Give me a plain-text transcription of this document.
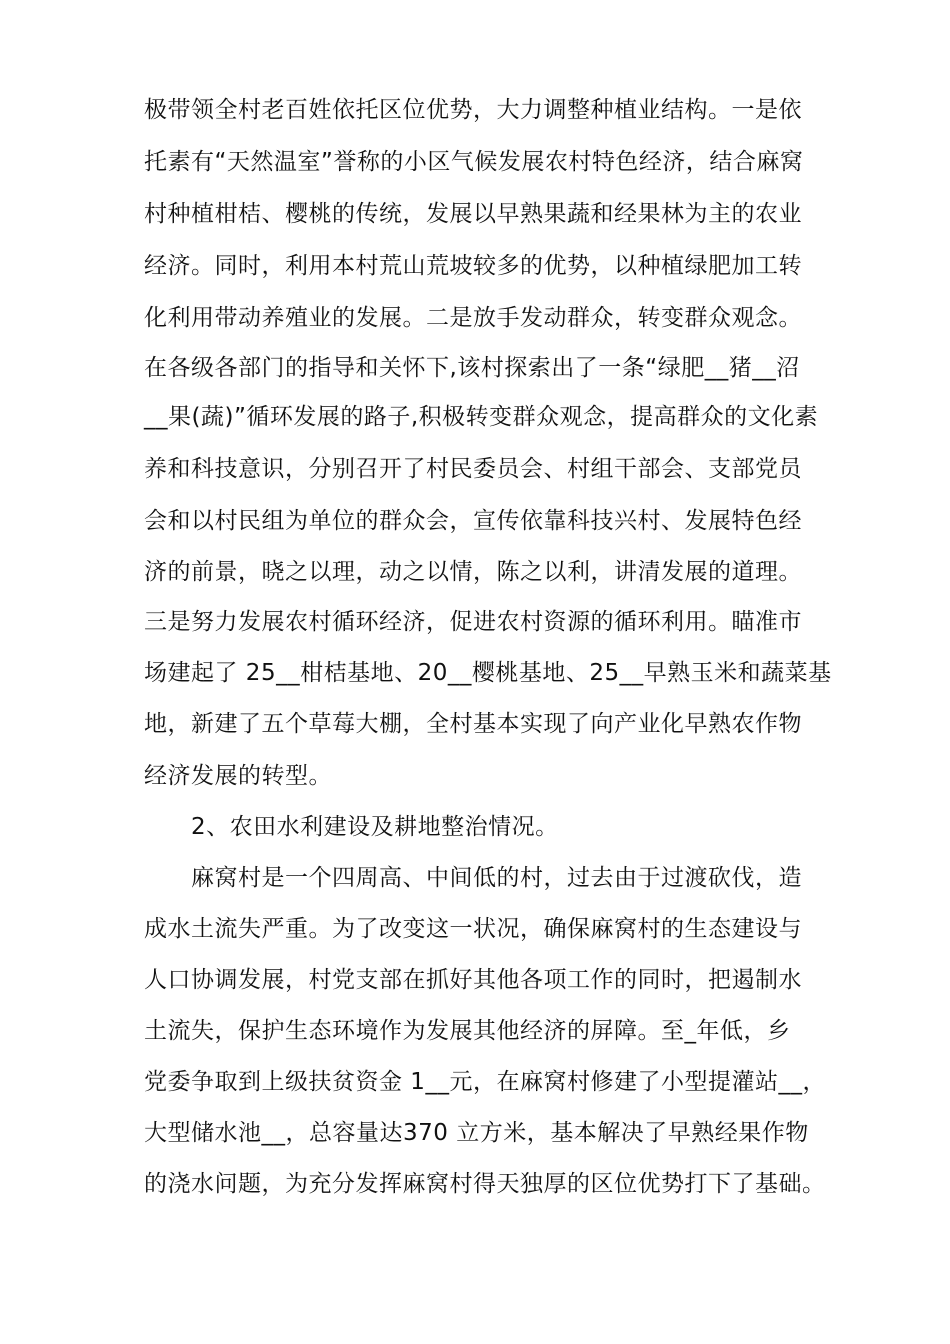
极带领全村老百姓依托区位优势，大力调整种植业结构。一是依
托素有“天然温室”誉称的小区气候发展农村特色经济，结合麻窝
村种植柑桔、樱桃的传统，发展以早熟果蔬和经果林为主的农业
经济。同时，利用本村荒山荒坡较多的优势，以种植绿肥加工转
化利用带动养殖业的发展。二是放手发动群众，转变群众观念。
在各级各部门的指导和关怀下,该村探索出了一条“绿肥__猪__沼
__果(蔬)”循环发展的路子,积极转变群众观念，提高群众的文化素
养和科技意识，分别召开了村民委员会、村组干部会、支部党员
会和以村民组为单位的群众会，宣传依靠科技兴村、发展特色经
济的前景，晓之以理，动之以情，陈之以利，讲清发展的道理。
三是努力发展农村循环经济，促进农村资源的循环利用。瞄准市
场建起了 25__柑桔基地、20__樱桃基地、25__早熟玉米和蔬菜基
地，新建了五个草莓大棚，全村基本实现了向产业化早熟农作物
经济发展的转型。
2、农田水利建设及耕地整治情况。
麻窝村是一个四周高、中间低的村，过去由于过渡砍伐，造
成水土流失严重。为了改变这一状况，确保麻窝村的生态建设与
人口协调发展，村党支部在抓好其他各项工作的同时，把遏制水
土流失，保护生态环境作为发展其他经济的屏障。至_年低，乡
党委争取到上级扶贫资金 1__元，在麻窝村修建了小型提灌站__，
大型储水池__，总容量达370 立方米，基本解决了早熟经果作物
的浇水问题，为充分发挥麻窝村得天独厚的区位优势打下了基础。
